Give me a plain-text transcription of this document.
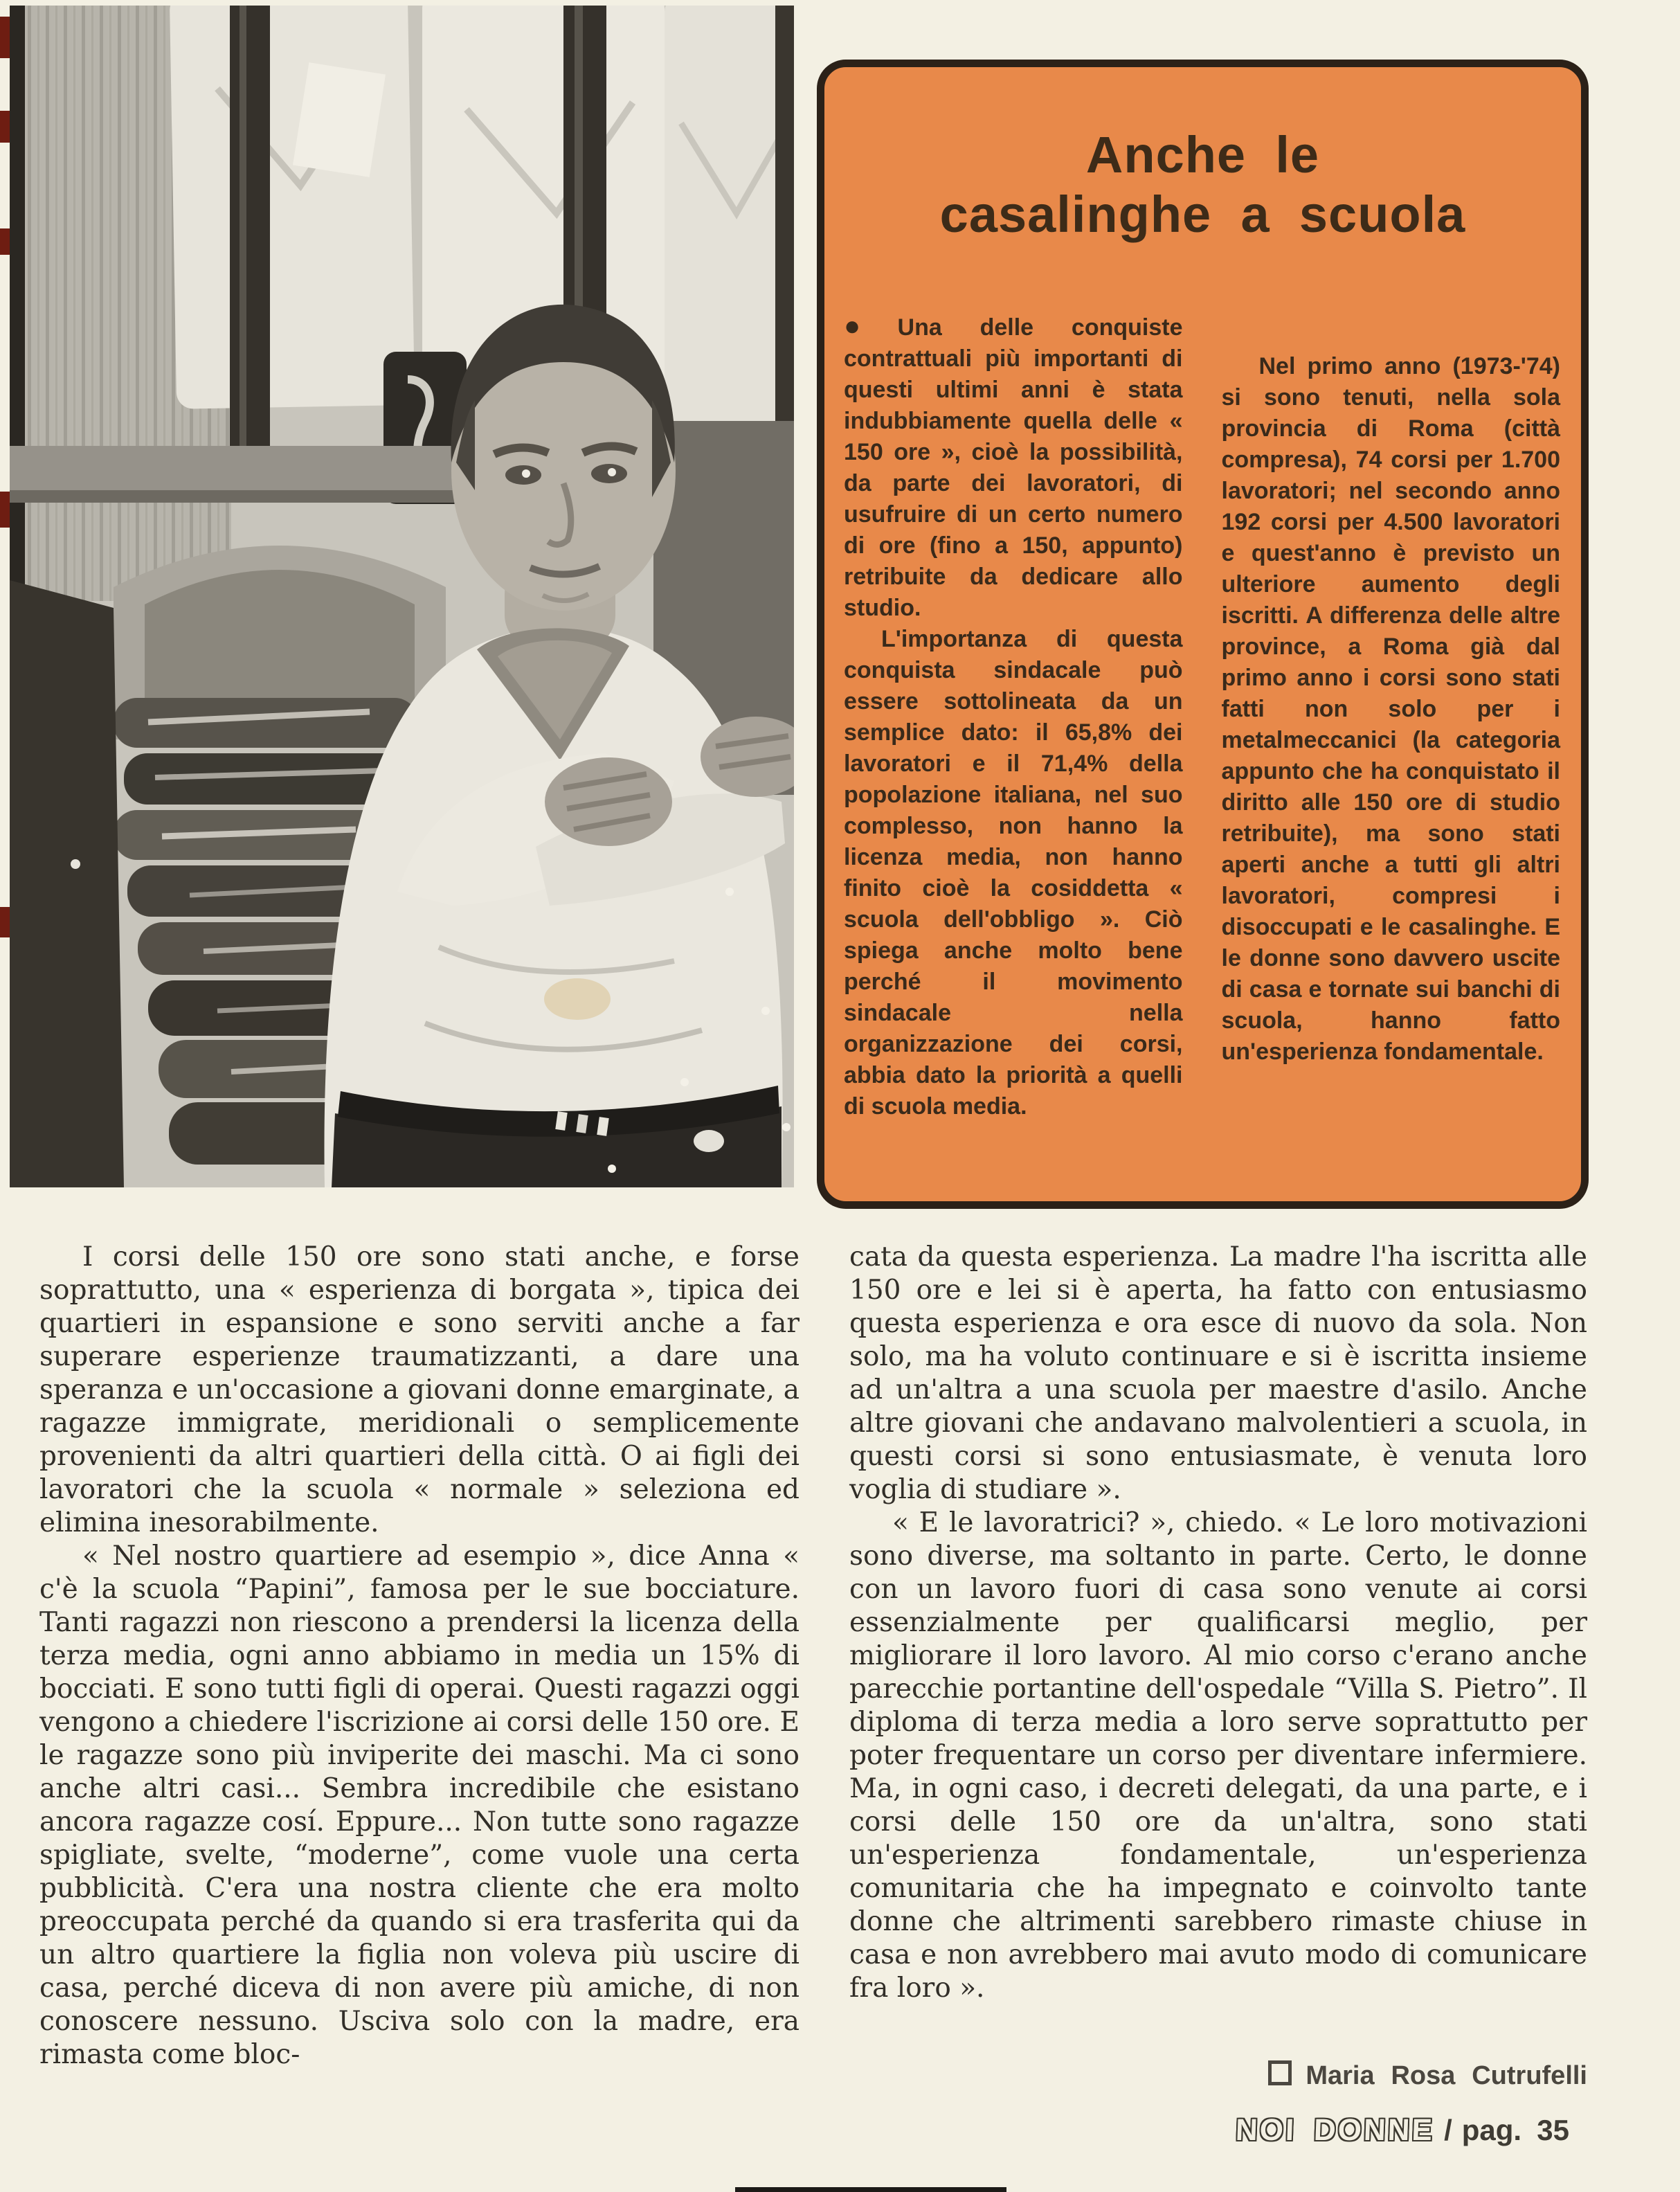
Anche le
casalinghe a scuola

●Una delle conquiste contrattuali più importanti di questi ultimi anni è stata indubbiamente quella delle « 150 ore », cioè la possibilità, da parte dei lavoratori, di usufruire di un certo numero di ore (fino a 150, appunto) retribuite da dedicare allo studio.

L'importanza di questa conquista sindacale può essere sottolineata da un semplice dato: il 65,8% dei lavoratori e il 71,4% della popolazione italiana, nel suo complesso, non hanno la licenza media, non hanno finito cioè la cosiddetta « scuola dell'obbligo ». Ciò spiega anche molto bene perché il movimento sindacale nella organizzazione dei corsi, abbia dato la priorità a quelli di scuola media.

Nel primo anno (1973-'74) si sono tenuti, nella sola provincia di Roma (città compresa), 74 corsi per 1.700 lavoratori; nel secondo anno 192 corsi per 4.500 lavoratori e quest'anno è previsto un ulteriore aumento degli iscritti. A differenza delle altre province, a Roma già dal primo anno i corsi sono stati fatti non solo per i metalmeccanici (la categoria appunto che ha conquistato il diritto alle 150 ore di studio retribuite), ma sono stati aperti anche a tutti gli altri lavoratori, compresi i disoccupati e le casalinghe. E le donne sono davvero uscite di casa e tornate sui banchi di scuola, hanno fatto un'esperienza fondamentale.

I corsi delle 150 ore sono stati anche, e forse soprattutto, una « esperienza di borgata », tipica dei quartieri in espansione e sono serviti anche a far superare esperienze traumatizzanti, a dare una speranza e un'occasione a giovani donne emarginate, a ragazze immigrate, meridionali o semplicemente provenienti da altri quartieri della città. O ai figli dei lavoratori che la scuola « normale » seleziona ed elimina inesorabilmente.

« Nel nostro quartiere ad esempio », dice Anna « c'è la scuola “Papini”, famosa per le sue bocciature. Tanti ragazzi non riescono a prendersi la licenza della terza media, ogni anno abbiamo in media un 15% di bocciati. E sono tutti figli di operai. Questi ragazzi oggi vengono a chiedere l'iscrizione ai corsi delle 150 ore. E le ragazze sono più inviperite dei maschi. Ma ci sono anche altri casi... Sembra incredibile che esistano ancora ragazze cosí. Eppure... Non tutte sono ragazze spigliate, svelte, “moderne”, come vuole una certa pubblicità. C'era una nostra cliente che era molto preoccupata perché da quando si era trasferita qui da un altro quartiere la figlia non voleva più uscire di casa, perché diceva di non avere più amiche, di non conoscere nessuno. Usciva solo con la madre, era rimasta come bloc-

cata da questa esperienza. La madre l'ha iscritta alle 150 ore e lei si è aperta, ha fatto con entusiasmo questa esperienza e ora esce di nuovo da sola. Non solo, ma ha voluto continuare e si è iscritta insieme ad un'altra a una scuola per maestre d'asilo. Anche altre giovani che andavano malvolentieri a scuola, in questi corsi si sono entusiasmate, è venuta loro voglia di studiare ».

« E le lavoratrici? », chiedo. « Le loro motivazioni sono diverse, ma soltanto in parte. Certo, le donne con un lavoro fuori di casa sono venute ai corsi essenzialmente per qualificarsi meglio, per migliorare il loro lavoro. Al mio corso c'erano anche parecchie portantine dell'ospedale “Villa S. Pietro”. Il diploma di terza media a loro serve soprattutto per poter frequentare un corso per diventare infermiere. Ma, in ogni caso, i decreti delegati, da una parte, e i corsi delle 150 ore da un'altra, sono stati un'esperienza fondamentale, un'esperienza comunitaria che ha impegnato e coinvolto tante donne che altrimenti sarebbero rimaste chiuse in casa e non avrebbero mai avuto modo di comunicare fra loro ».

Maria Rosa Cutrufelli
NOI DONNE / pag. 35
